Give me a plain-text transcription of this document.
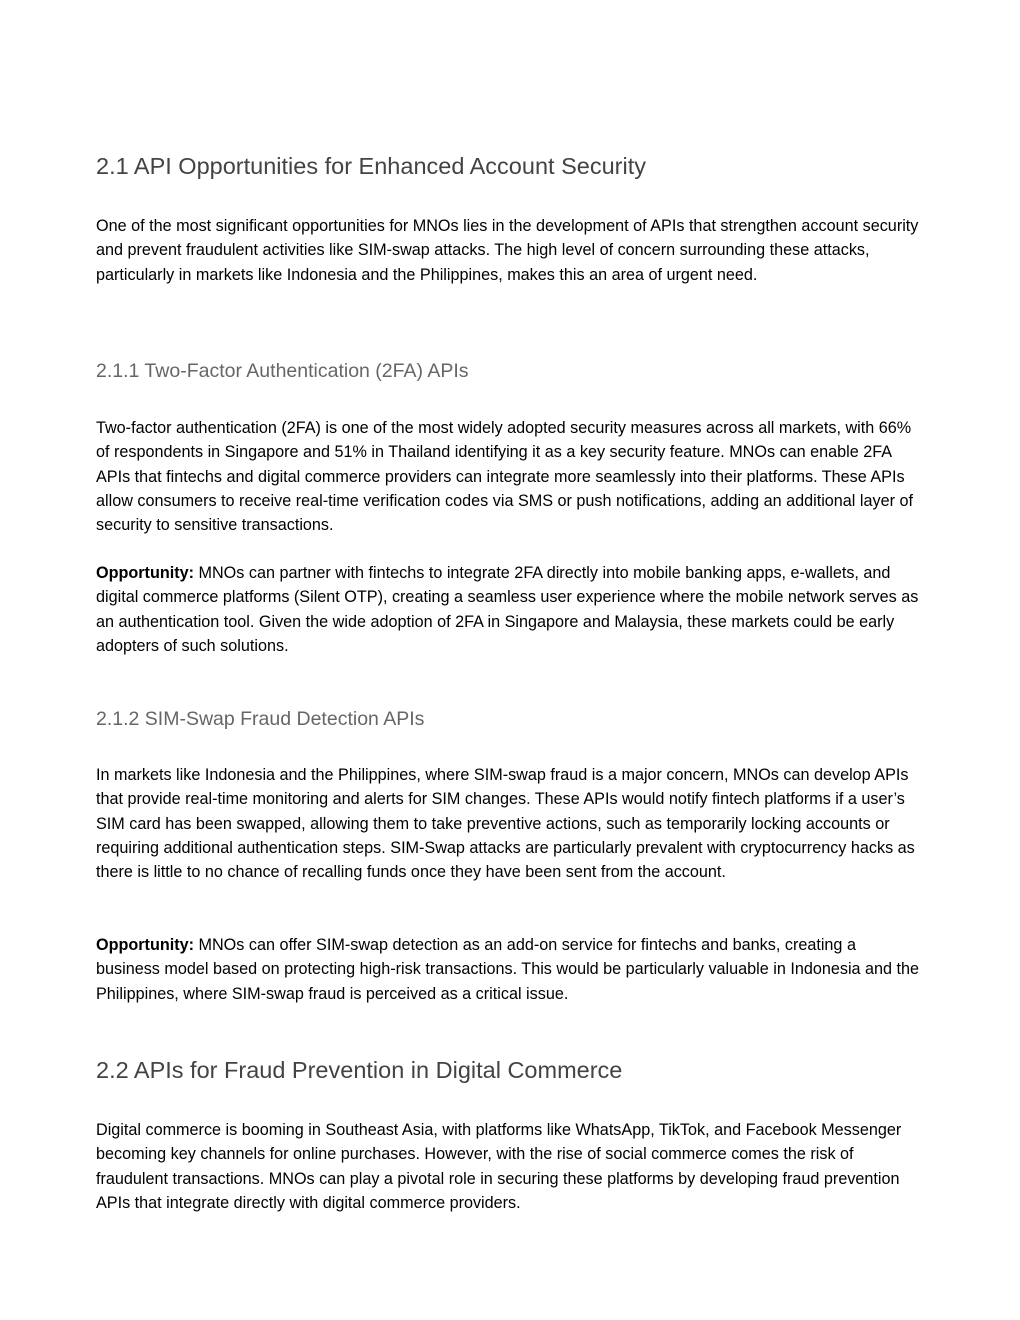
2.1 API Opportunities for Enhanced Account Security

One of the most significant opportunities for MNOs lies in the development of APIs that strengthen account security and prevent fraudulent activities like SIM-swap attacks. The high level of concern surrounding these attacks, particularly in markets like Indonesia and the Philippines, makes this an area of urgent need.

2.1.1 Two-Factor Authentication (2FA) APIs

Two-factor authentication (2FA) is one of the most widely adopted security measures across all markets, with 66% of respondents in Singapore and 51% in Thailand identifying it as a key security feature. MNOs can enable 2FA APIs that fintechs and digital commerce providers can integrate more seamlessly into their platforms. These APIs allow consumers to receive real-time verification codes via SMS or push notifications, adding an additional layer of security to sensitive transactions.

Opportunity: MNOs can partner with fintechs to integrate 2FA directly into mobile banking apps, e-wallets, and digital commerce platforms (Silent OTP), creating a seamless user experience where the mobile network serves as an authentication tool. Given the wide adoption of 2FA in Singapore and Malaysia, these markets could be early adopters of such solutions.

2.1.2 SIM-Swap Fraud Detection APIs

In markets like Indonesia and the Philippines, where SIM-swap fraud is a major concern, MNOs can develop APIs that provide real-time monitoring and alerts for SIM changes. These APIs would notify fintech platforms if a user’s SIM card has been swapped, allowing them to take preventive actions, such as temporarily locking accounts or requiring additional authentication steps. SIM-Swap attacks are particularly prevalent with cryptocurrency hacks as there is little to no chance of recalling funds once they have been sent from the account.

Opportunity: MNOs can offer SIM-swap detection as an add-on service for fintechs and banks, creating a business model based on protecting high-risk transactions. This would be particularly valuable in Indonesia and the Philippines, where SIM-swap fraud is perceived as a critical issue.

2.2 APIs for Fraud Prevention in Digital Commerce

Digital commerce is booming in Southeast Asia, with platforms like WhatsApp, TikTok, and Facebook Messenger becoming key channels for online purchases. However, with the rise of social commerce comes the risk of fraudulent transactions. MNOs can play a pivotal role in securing these platforms by developing fraud prevention APIs that integrate directly with digital commerce providers.
